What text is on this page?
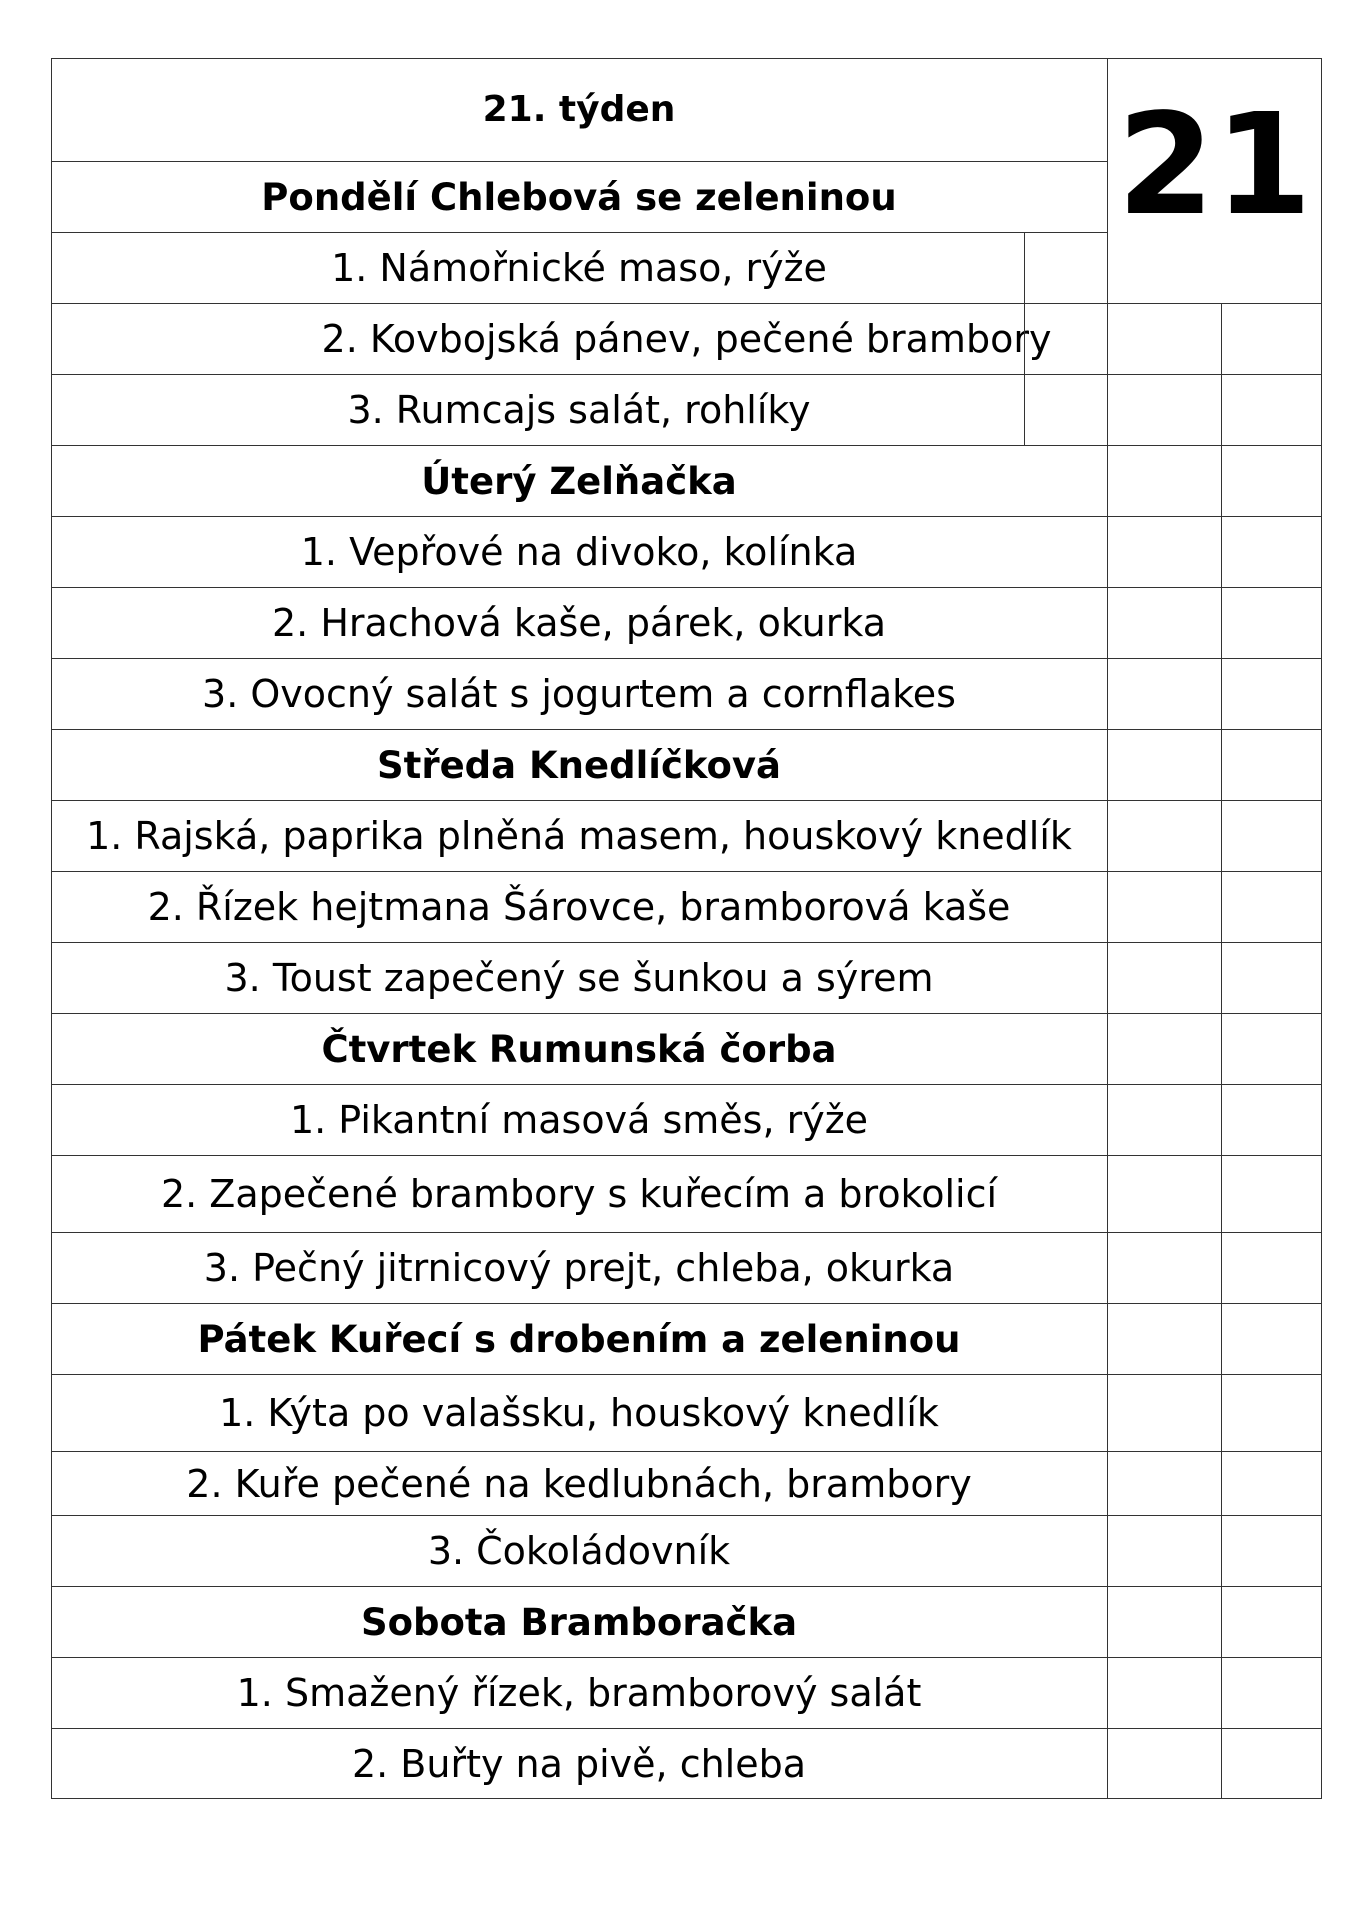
21. týden	21
Pondělí Chlebová se zeleninou
1. Námořnické maso, rýže
2. Kovbojská pánev, pečené brambory
3. Rumcajs salát, rohlíky
Úterý Zelňačka
1. Vepřové na divoko, kolínka
2. Hrachová kaše, párek, okurka
3. Ovocný salát s jogurtem a cornflakes
Středa Knedlíčková
1. Rajská, paprika plněná masem, houskový knedlík
2. Řízek hejtmana Šárovce, bramborová kaše
3. Toust zapečený se šunkou a sýrem
Čtvrtek Rumunská čorba
1. Pikantní masová směs, rýže
2. Zapečené brambory s kuřecím a brokolicí
3. Pečný jitrnicový prejt, chleba, okurka
Pátek Kuřecí s drobením a zeleninou
1. Kýta po valašsku, houskový knedlík
2. Kuře pečené na kedlubnách, brambory
3. Čokoládovník
Sobota Bramboračka
1. Smažený řízek, bramborový salát
2. Buřty na pivě, chleba
